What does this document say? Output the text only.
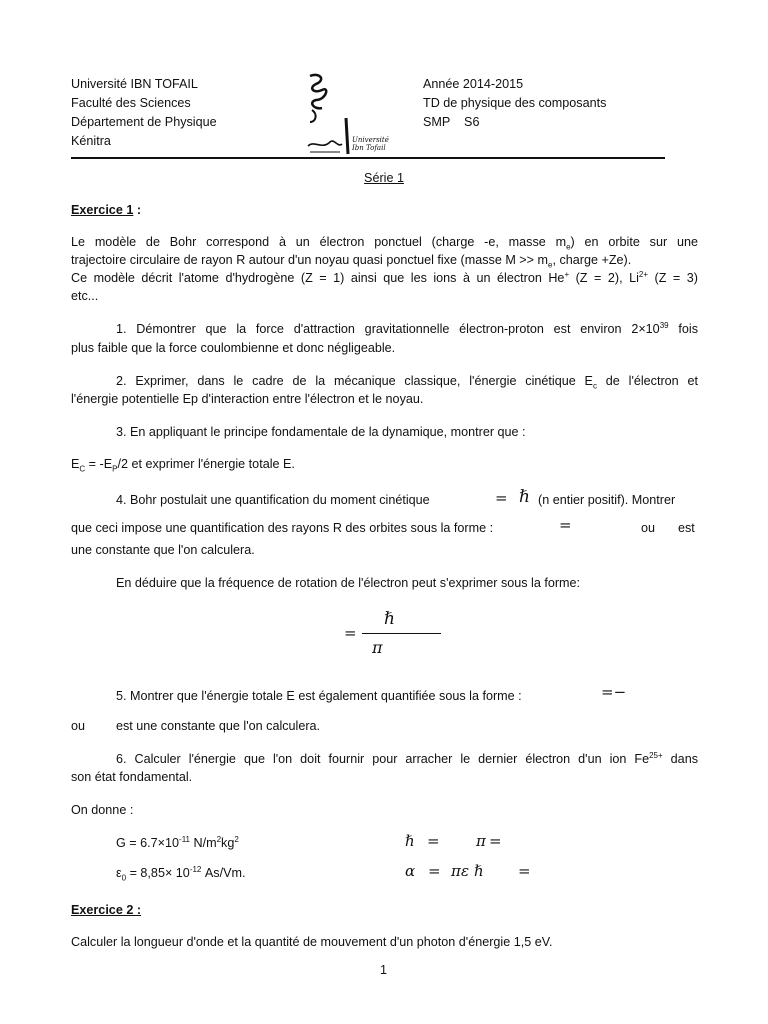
Université IBN TOFAIL
Faculté des Sciences
Département de Physique
Kénitra	Université Ibn Tofail
Année 2014-2015
TD de physique des composants
SMP    S6
Série 1
Exercice 1 :
Le modèle de Bohr correspond à un électron ponctuel (charge -e, masse $m_e$) en orbite sur une
trajectoire circulaire de rayon R autour d'un noyau quasi ponctuel fixe (masse $M >> m_e$, charge +Ze).
Ce modèle décrit l'atome d'hydrogène (Z = 1) ainsi que les ions à un électron He+ (Z = 2), $Li^{2+}$ (Z = 3)
etc...
1. Démontrer que la force d'attraction gravitationnelle électron-proton est environ $2\times 10^{39}$ fois
plus faible que la force coulombienne et donc négligeable.
2. Exprimer, dans le cadre de la mécanique classique, l'énergie cinétique $E_c$ de l'électron et
l'énergie potentielle Ep d'interaction entre l'électron et le noyau.
3. En appliquant le principe fondamentale de la dynamique, montrer que :
$E_C = -E_P/2$ et exprimer l'énergie totale E.
4. Bohr postulait une quantification du moment cinétique	= ℏ (n entier positif). Montrer
que ceci impose une quantification des rayons R des orbites sous la forme :	=	ou est
une constante que l'on calculera.
En déduire que la fréquence de rotation de l'électron peut s'exprimer sous la forme:
ℏ
=
π
5. Montrer que l'énergie totale E est également quantifiée sous la forme :	=−
ou est une constante que l'on calculera.
6. Calculer l'énergie que l'on doit fournir pour arracher le dernier électron d'un ion $Fe^{25+}$ dans
son état fondamental.
On donne :
$G = 6.7\times 10^{-11}$ $N/m^2kg^2$	ℏ = π =
$\varepsilon_0 = 8,85\times 10^{-12}$ As/Vm.	α = π ε ℏ =
Exercice 2 :
Calculer la longueur d'onde et la quantité de mouvement d'un photon d'énergie 1,5 eV.
1
